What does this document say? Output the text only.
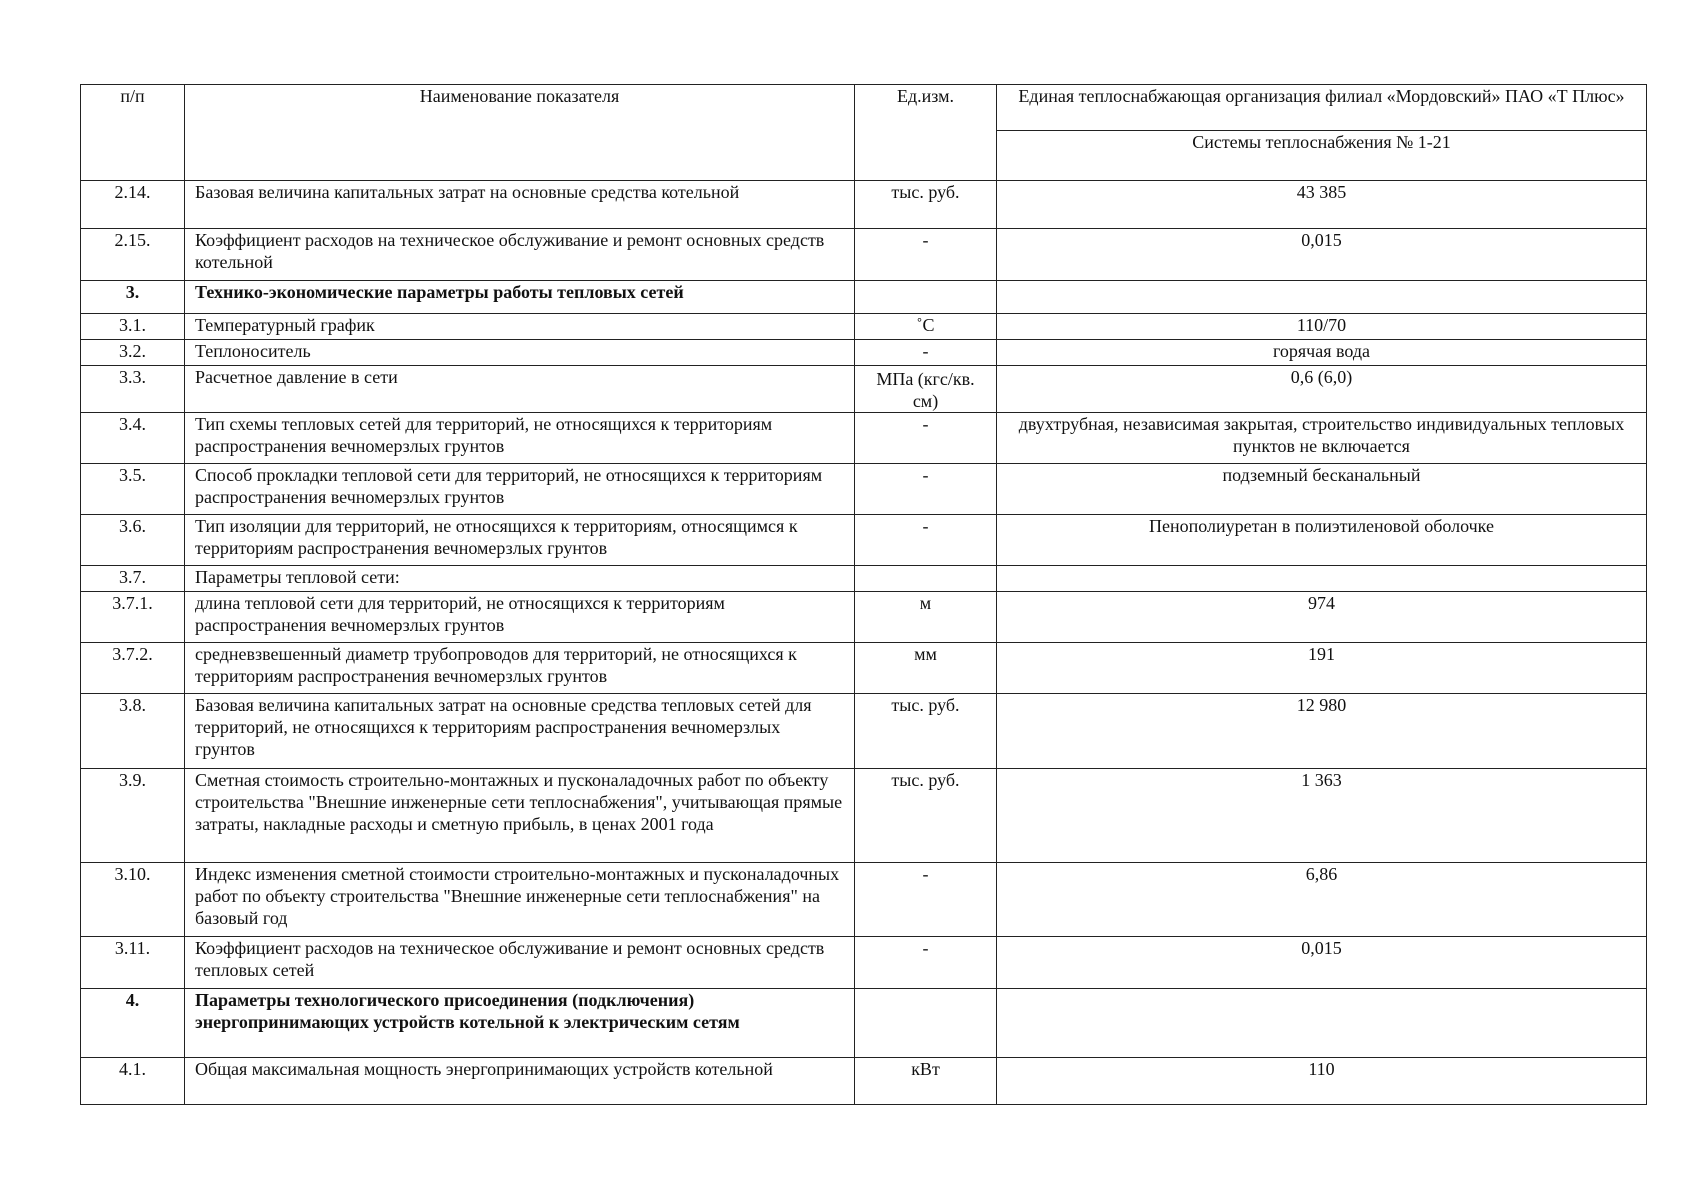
п/п	Наименование показателя	Ед.изм.	Единая теплоснабжающая организация филиал «Мордовский» ПАО «Т Плюс»
			Системы теплоснабжения № 1-21
2.14.	Базовая величина капитальных затрат на основные средства котельной	тыс. руб.	43 385
2.15.	Коэффициент расходов на техническое обслуживание и ремонт основных средств котельной	-	0,015
3.	Технико-экономические параметры работы тепловых сетей		
3.1.	Температурный график	˚С	110/70
3.2.	Теплоноситель	-	горячая вода
3.3.	Расчетное давление в сети	МПа (кгс/кв. см)	0,6 (6,0)
3.4.	Тип схемы тепловых сетей для территорий, не относящихся к территориям распространения вечномерзлых грунтов	-	двухтрубная, независимая закрытая, строительство индивидуальных тепловых пунктов не включается
3.5.	Способ прокладки тепловой сети для территорий, не относящихся к территориям распространения вечномерзлых грунтов	-	подземный бесканальный
3.6.	Тип изоляции для территорий, не относящихся к территориям, относящимся к территориям распространения вечномерзлых грунтов	-	Пенополиуретан в полиэтиленовой оболочке
3.7.	Параметры тепловой сети:		
3.7.1.	длина тепловой сети для территорий, не относящихся к территориям распространения вечномерзлых грунтов	м	974
3.7.2.	средневзвешенный диаметр трубопроводов для территорий, не относящихся к территориям распространения вечномерзлых грунтов	мм	191
3.8.	Базовая величина капитальных затрат на основные средства тепловых сетей для территорий, не относящихся к территориям распространения вечномерзлых грунтов	тыс. руб.	12 980
3.9.	Сметная стоимость строительно-монтажных и пусконаладочных работ по объекту строительства "Внешние инженерные сети теплоснабжения", учитывающая прямые затраты, накладные расходы и сметную прибыль, в ценах 2001 года	тыс. руб.	1 363
3.10.	Индекс изменения сметной стоимости строительно-монтажных и пусконаладочных работ по объекту строительства "Внешние инженерные сети теплоснабжения" на базовый год	-	6,86
3.11.	Коэффициент расходов на техническое обслуживание и ремонт основных средств тепловых сетей	-	0,015
4.	Параметры технологического присоединения (подключения) энергопринимающих устройств котельной к электрическим сетям		
4.1.	Общая максимальная мощность энергопринимающих устройств котельной	кВт	110
